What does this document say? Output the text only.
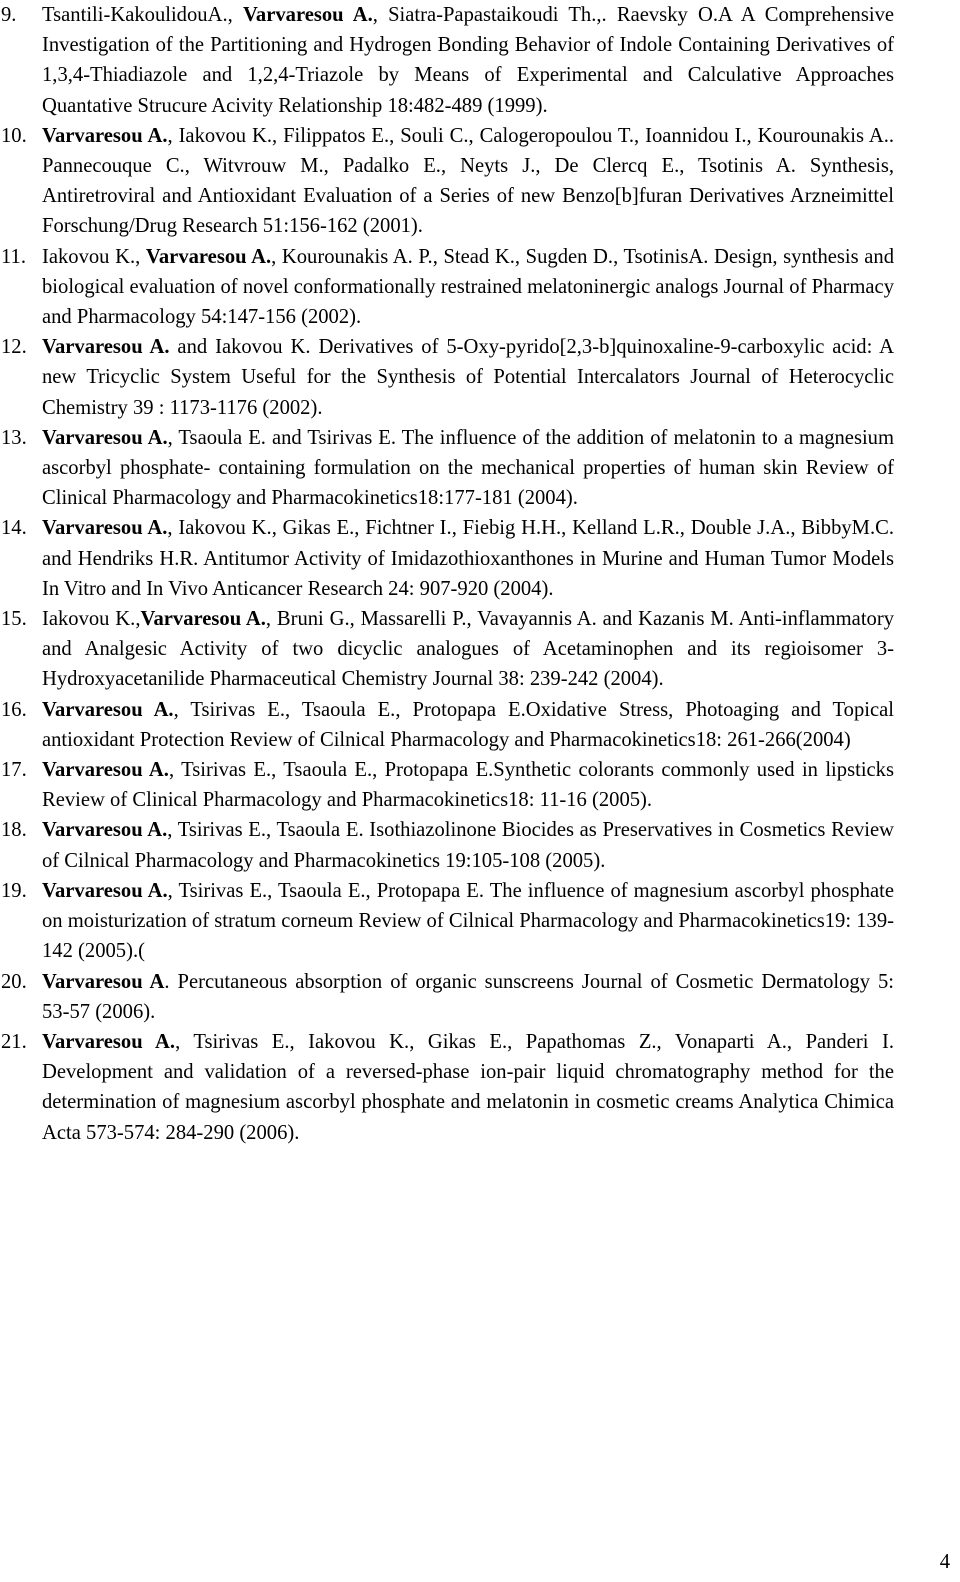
9. Tsantili-KakoulidouA., Varvaresou A., Siatra-Papastaikoudi Th.,. Raevsky O.A A Comprehensive Investigation of the Partitioning and Hydrogen Bonding Behavior of Indole Containing Derivatives of 1,3,4-Thiadiazole and 1,2,4-Triazole by Means of Experimental and Calculative Approaches Quantative Strucure Acivity Relationship 18:482-489 (1999).
10. Varvaresou A., Iakovou K., Filippatos E., Souli C., Calogeropoulou T., Ioannidou I., Kourounakis A.. Pannecouque C., Witvrouw M., Padalko E., Neyts J., De Clercq E., Tsotinis A. Synthesis, Antiretroviral and Antioxidant Evaluation of a Series of new Benzo[b]furan Derivatives Arzneimittel Forschung/Drug Research 51:156-162 (2001).
11. Iakovou K., Varvaresou A., Kourounakis A. P., Stead K., Sugden D., TsotinisA. Design, synthesis and biological evaluation of novel conformationally restrained melatoninergic analogs Journal of Pharmacy and Pharmacology 54:147-156 (2002).
12. Varvaresou A. and Iakovou K. Derivatives of 5-Oxy-pyrido[2,3-b]quinoxaline-9-carboxylic acid: A new Tricyclic System Useful for the Synthesis of Potential Intercalators Journal of Heterocyclic Chemistry 39 : 1173-1176 (2002).
13. Varvaresou A., Tsaoula E. and Tsirivas E. The influence of the addition of melatonin to a magnesium ascorbyl phosphate- containing formulation on the mechanical properties of human skin Review of Clinical Pharmacology and Pharmacokinetics18:177-181 (2004).
14. Varvaresou A., Iakovou K., Gikas E., Fichtner I., Fiebig H.H., Kelland L.R., Double J.A., BibbyM.C. and Hendriks H.R. Antitumor Activity of Imidazothioxanthones in Murine and Human Tumor Models In Vitro and In Vivo Anticancer Research 24: 907-920 (2004).
15. Iakovou K.,Varvaresou A., Bruni G., Massarelli P., Vavayannis A. and Kazanis M. Anti-inflammatory and Analgesic Activity of two dicyclic analogues of Acetaminophen and its regioisomer 3-Hydroxyacetanilide Pharmaceutical Chemistry Journal 38: 239-242 (2004).
16. Varvaresou A., Tsirivas E., Tsaoula E., Protopapa E.Oxidative Stress, Photoaging and Topical antioxidant Protection Review of Cilnical Pharmacology and Pharmacokinetics18: 261-266(2004)
17. Varvaresou A., Tsirivas E., Tsaoula E., Protopapa E.Synthetic colorants commonly used in lipsticks Review of Clinical Pharmacology and Pharmacokinetics18: 11-16 (2005).
18. Varvaresou A., Tsirivas E., Tsaoula E. Isothiazolinone Biocides as Preservatives in Cosmetics Review of Cilnical Pharmacology and Pharmacokinetics 19:105-108 (2005).
19. Varvaresou A., Tsirivas E., Tsaoula E., Protopapa E. The influence of magnesium ascorbyl phosphate on moisturization of stratum corneum Review of Cilnical Pharmacology and Pharmacokinetics19: 139-142 (2005).(
20. Varvaresou A. Percutaneous absorption of organic sunscreens Journal of Cosmetic Dermatology 5: 53-57 (2006).
21. Varvaresou A., Tsirivas E., Iakovou K., Gikas E., Papathomas Z., Vonaparti A., Panderi I. Development and validation of a reversed-phase ion-pair liquid chromatography method for the determination of magnesium ascorbyl phosphate and melatonin in cosmetic creams Analytica Chimica Acta 573-574: 284-290 (2006).
4
